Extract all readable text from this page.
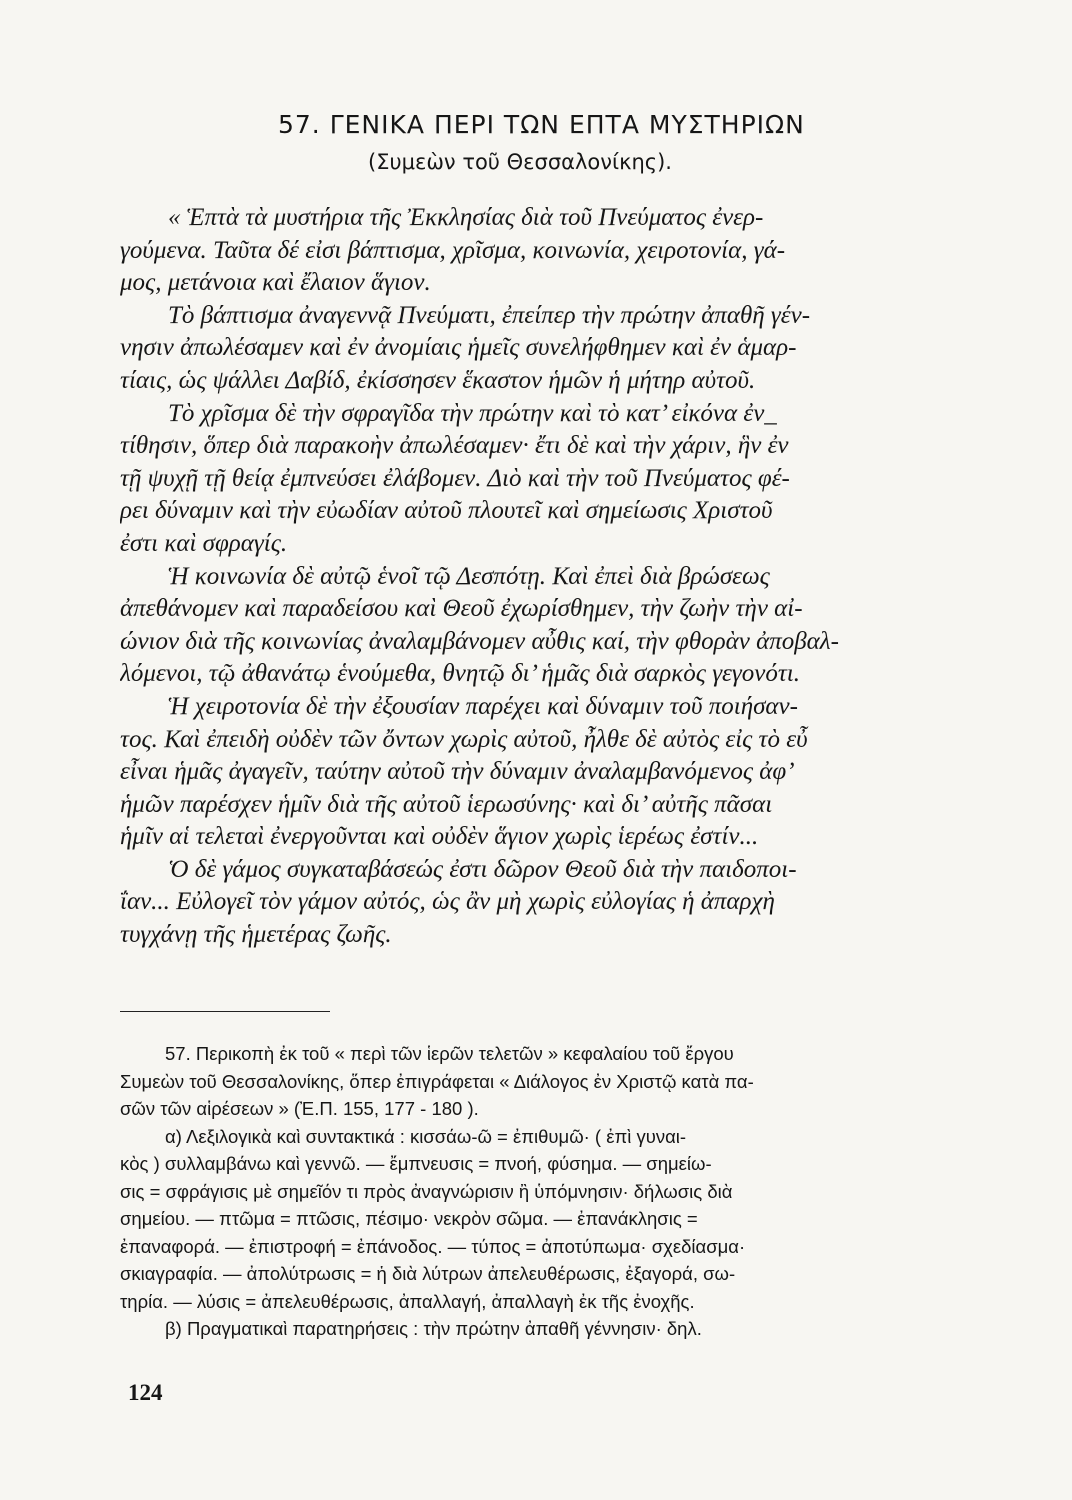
57. ΓΕΝΙΚΑ ΠΕΡΙ ΤΩΝ ΕΠΤΑ ΜΥΣΤΗΡΙΩΝ
(Συμεὼν τοῦ Θεσσαλονίκης).
« Ἑπτὰ τὰ μυστήρια τῆς Ἐκκλησίας διὰ τοῦ Πνεύματος ἐνερ-
γούμενα. Ταῦτα δέ εἰσι βάπτισμα, χρῖσμα, κοινωνία, χειροτονία, γά-
μος, μετάνοια καὶ ἔλαιον ἅγιον.
Τὸ βάπτισμα ἀναγεννᾷ Πνεύματι, ἐπείπερ τὴν πρώτην ἀπαθῆ γέν-
νησιν ἀπωλέσαμεν καὶ ἐν ἀνομίαις ἡμεῖς συνελήφθημεν καὶ ἐν ἁμαρ-
τίαις, ὡς ψάλλει Δαβίδ, ἐκίσσησεν ἕκαστον ἡμῶν ἡ μήτηρ αὐτοῦ.
Τὸ χρῖσμα δὲ τὴν σφραγῖδα τὴν πρώτην καὶ τὸ κατ’ εἰκόνα ἐν_
τίθησιν, ὅπερ διὰ παρακοὴν ἀπωλέσαμεν· ἔτι δὲ καὶ τὴν χάριν, ἣν ἐν
τῇ ψυχῇ τῇ θείᾳ ἐμπνεύσει ἐλάβομεν. Διὸ καὶ τὴν τοῦ Πνεύματος φέ-
ρει δύναμιν καὶ τὴν εὐωδίαν αὐτοῦ πλουτεῖ καὶ σημείωσις Χριστοῦ
ἐστι καὶ σφραγίς.
Ἡ κοινωνία δὲ αὐτῷ ἑνοῖ τῷ Δεσπότῃ. Καὶ ἐπεὶ διὰ βρώσεως
ἀπεθάνομεν καὶ παραδείσου καὶ Θεοῦ ἐχωρίσθημεν, τὴν ζωὴν τὴν αἰ-
ώνιον διὰ τῆς κοινωνίας ἀναλαμβάνομεν αὖθις καί, τὴν φθορὰν ἀποβαλ-
λόμενοι, τῷ ἀθανάτῳ ἑνούμεθα, θνητῷ δι’ ἡμᾶς διὰ σαρκὸς γεγονότι.
Ἡ χειροτονία δὲ τὴν ἐξουσίαν παρέχει καὶ δύναμιν τοῦ ποιήσαν-
τος. Καὶ ἐπειδὴ οὐδὲν τῶν ὄντων χωρὶς αὐτοῦ, ἦλθε δὲ αὐτὸς εἰς τὸ εὖ
εἶναι ἡμᾶς ἀγαγεῖν, ταύτην αὐτοῦ τὴν δύναμιν ἀναλαμβανόμενος ἀφ’
ἡμῶν παρέσχεν ἡμῖν διὰ τῆς αὐτοῦ ἱερωσύνης· καὶ δι’ αὐτῆς πᾶσαι
ἡμῖν αἱ τελεταὶ ἐνεργοῦνται καὶ οὐδὲν ἅγιον χωρὶς ἱερέως ἐστίν...
Ὁ δὲ γάμος συγκαταβάσεώς ἐστι δῶρον Θεοῦ διὰ τὴν παιδοποι-
ΐαν... Εὐλογεῖ τὸν γάμον αὐτός, ὡς ἂν μὴ χωρὶς εὐλογίας ἡ ἀπαρχὴ
τυγχάνῃ τῆς ἡμετέρας ζωῆς.
57. Περικοπὴ ἐκ τοῦ « περὶ τῶν ἱερῶν τελετῶν » κεφαλαίου τοῦ ἔργου
Συμεὼν τοῦ Θεσσαλονίκης, ὅπερ ἐπιγράφεται « Διάλογος ἐν Χριστῷ κατὰ πα-
σῶν τῶν αἱρέσεων » (Ἐ.Π. 155, 177 - 180 ).
α) Λεξιλογικὰ καὶ συντακτικά : κισσάω-ῶ = ἐπιθυμῶ· ( ἐπὶ γυναι-
κὸς ) συλλαμβάνω καὶ γεννῶ. — ἔμπνευσις = πνοή, φύσημα. — σημείω-
σις = σφράγισις μὲ σημεῖόν τι πρὸς ἀναγνώρισιν ἢ ὑπόμνησιν· δήλωσις διὰ
σημείου. — πτῶμα = πτῶσις, πέσιμο· νεκρὸν σῶμα. — ἐπανάκλησις =
ἐπαναφορά. — ἐπιστροφή = ἐπάνοδος. — τύπος = ἀποτύπωμα· σχεδίασμα·
σκιαγραφία. — ἀπολύτρωσις = ἡ διὰ λύτρων ἀπελευθέρωσις, ἐξαγορά, σω-
τηρία. — λύσις = ἀπελευθέρωσις, ἀπαλλαγή, ἀπαλλαγὴ ἐκ τῆς ἐνοχῆς.
β) Πραγματικαὶ παρατηρήσεις : τὴν πρώτην ἀπαθῆ γέννησιν· δηλ.
124
